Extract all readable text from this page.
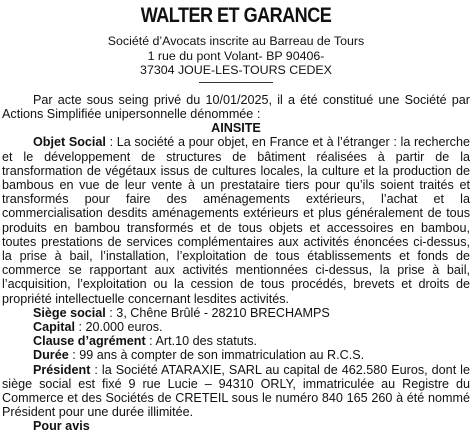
WALTER ET GARANCE
Société d’Avocats inscrite au Barreau de Tours
1 rue du pont Volant- BP 90406-
37304 JOUE-LES-TOURS CEDEX

Par acte sous seing privé du 10/01/2025, il a été constitué une Société par Actions Simplifiée unipersonnelle dénommée :

AINSITE

Objet Social : La société a pour objet, en France et à l’étranger : la recherche et le développement de structures de bâtiment réalisées à partir de la transformation de végétaux issus de cultures locales, la culture et la production de bambous en vue de leur vente à un prestataire tiers pour qu’ils soient traités et transformés pour faire des aménagements extérieurs, l’achat et la commercialisation desdits aménagements extérieurs et plus généralement de tous produits en bambou transformés et de tous objets et accessoires en bambou, toutes prestations de services complémentaires aux activités énoncées ci-dessus, la prise à bail, l’installation, l’exploitation de tous établissements et fonds de commerce se rapportant aux activités mentionnées ci-dessus, la prise à bail, l’acquisition, l’exploitation ou la cession de tous procédés, brevets et droits de propriété intellectuelle concernant lesdites activités.

Siège social : 3, Chêne Brûlé - 28210 BRECHAMPS

Capital : 20.000 euros.

Clause d’agrément : Art.10 des statuts.

Durée : 99 ans à compter de son immatriculation au R.C.S.

Président : la Société ATARAXIE, SARL au capital de 462.580 Euros, dont le siège social est fixé 9 rue Lucie – 94310 ORLY, immatriculée au Registre du Commerce et des Sociétés de CRETEIL sous le numéro 840 165 260 à été nommé Président pour une durée illimitée.

Pour avis
